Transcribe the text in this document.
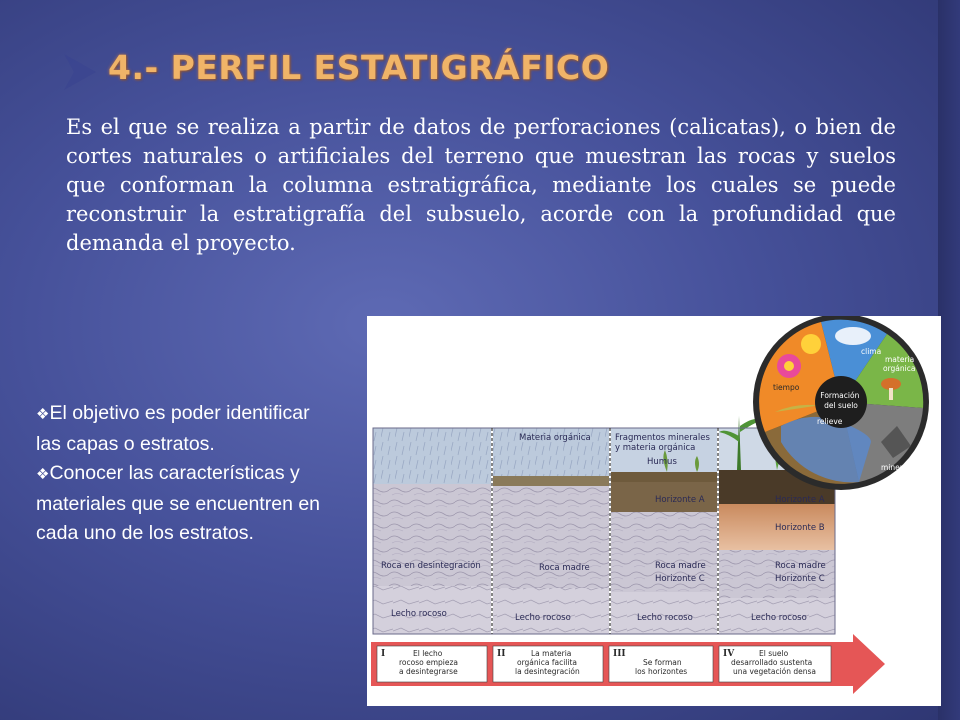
4.- PERFIL ESTATIGRÁFICO

Es el que se realiza a partir de datos de perforaciones (calicatas), o bien de cortes naturales o artificiales del terreno que muestran las rocas y suelos que conforman la columna estratigráfica, mediante los cuales se puede reconstruir la estratigrafía del subsuelo, acorde con la profundidad que demanda el proyecto.

❖El objetivo es poder identificar las capas o estratos.

❖Conocer las características y materiales que se encuentren en cada uno de los estratos.

Roca en desintegración
Lecho rocoso
Materia orgánica
Roca madre
Lecho rocoso
Fragmentos minerales
y materia orgánica
Humus
Horizonte A
Roca madre
Horizonte C
Lecho rocoso
Horizonte A
Horizonte B
Roca madre
Horizonte C
Lecho rocoso
I	El lecho
rocoso empieza
a desintegrarse
II	La materia
orgánica facilita
la desintegración
III
Se forman
los horizontes
IV	El suelo
desarrollado sustenta
una vegetación densa
Formación del suelo
clima
materia orgánica
minerales
relieve
tiempo
